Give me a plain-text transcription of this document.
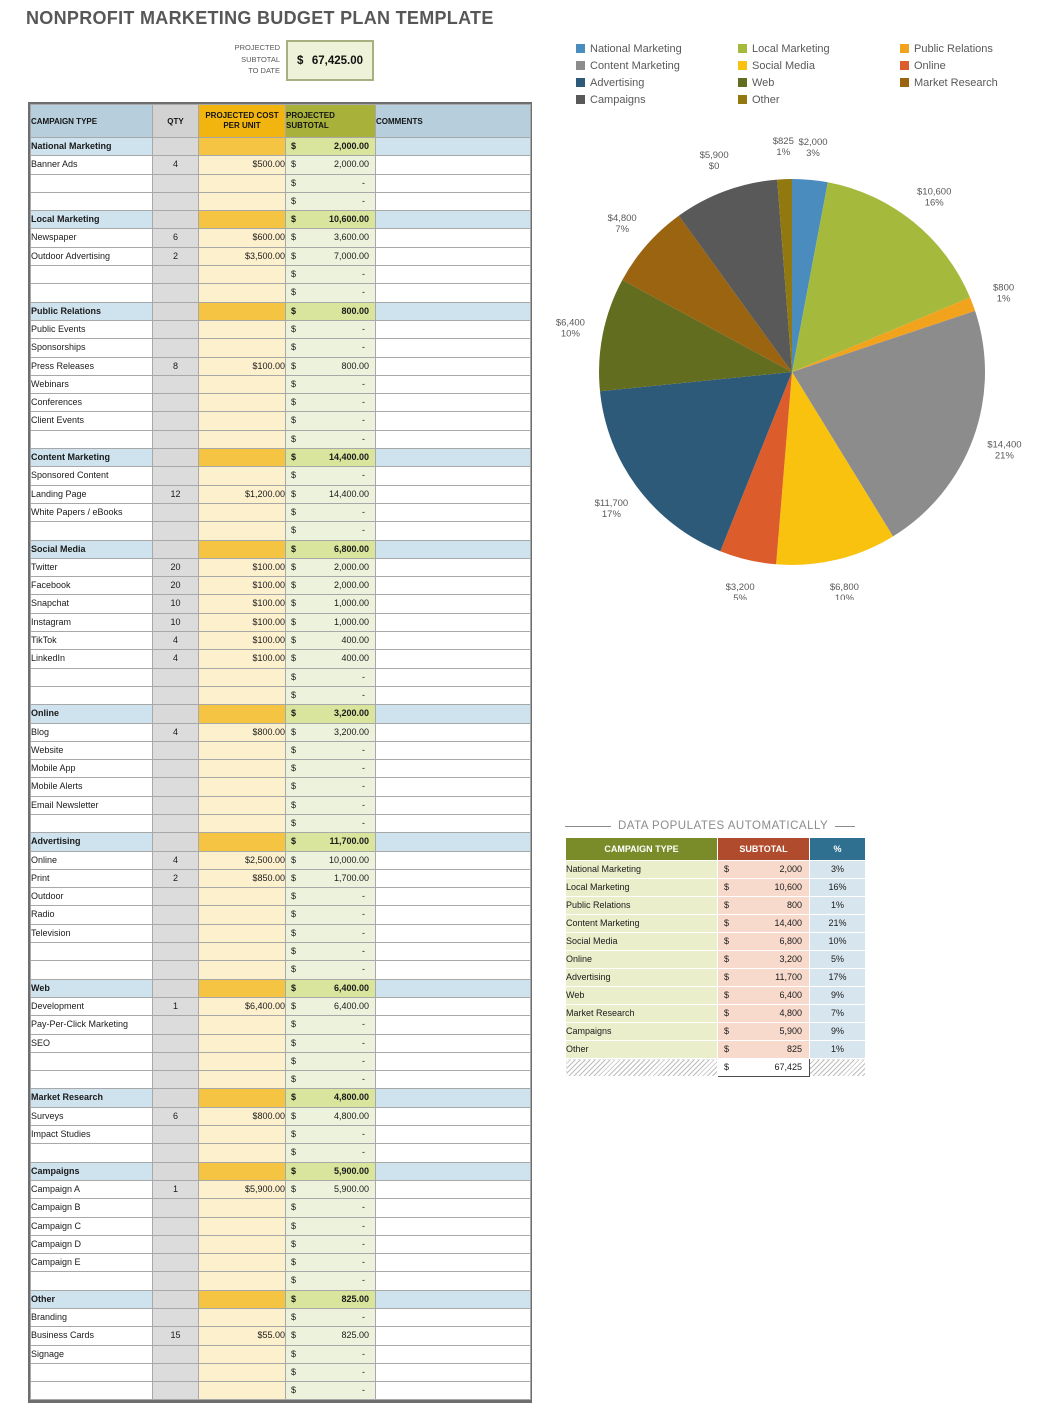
NONPROFIT MARKETING BUDGET PLAN TEMPLATE
PROJECTED
SUBTOTAL
TO DATE
$ 67,425.00
CAMPAIGN TYPE	QTY	PROJECTED COST PER UNIT	PROJECTED SUBTOTAL	COMMENTS
National Marketing			$ 2,000.00	

Banner Ads	4	$500.00	$ 2,000.00	

			$ -	

			$ -	

Local Marketing			$ 10,600.00	

Newspaper	6	$600.00	$ 3,600.00	

Outdoor Advertising	2	$3,500.00	$ 7,000.00	

			$ -	

			$ -	

Public Relations			$ 800.00	

Public Events			$ -	

Sponsorships			$ -	

Press Releases	8	$100.00	$ 800.00	

Webinars			$ -	

Conferences			$ -	

Client Events			$ -	

			$ -	

Content Marketing			$ 14,400.00	

Sponsored Content			$ -	

Landing Page	12	$1,200.00	$ 14,400.00	

White Papers / eBooks			$ -	

			$ -	

Social Media			$ 6,800.00	

Twitter	20	$100.00	$ 2,000.00	

Facebook	20	$100.00	$ 2,000.00	

Snapchat	10	$100.00	$ 1,000.00	

Instagram	10	$100.00	$ 1,000.00	

TikTok	4	$100.00	$ 400.00	

LinkedIn	4	$100.00	$ 400.00	

			$ -	

			$ -	

Online			$ 3,200.00	

Blog	4	$800.00	$ 3,200.00	

Website			$ -	

Mobile App			$ -	

Mobile Alerts			$ -	

Email Newsletter			$ -	

			$ -	

Advertising			$ 11,700.00	

Online	4	$2,500.00	$ 10,000.00	

Print	2	$850.00	$ 1,700.00	

Outdoor			$ -	

Radio			$ -	

Television			$ -	

			$ -	

			$ -	

Web			$ 6,400.00	

Development	1	$6,400.00	$ 6,400.00	

Pay-Per-Click Marketing			$ -	

SEO			$ -	

			$ -	

			$ -	

Market Research			$ 4,800.00	

Surveys	6	$800.00	$ 4,800.00	

Impact Studies			$ -	

			$ -	

Campaigns			$ 5,900.00	

Campaign A	1	$5,900.00	$ 5,900.00	

Campaign B			$ -	

Campaign C			$ -	

Campaign D			$ -	

Campaign E			$ -	

			$ -	

Other			$ 825.00	

Branding			$ -	

Business Cards	15	$55.00	$ 825.00	

Signage			$ -	

			$ -	

			$ -	

National Marketing
Content Marketing
Advertising
Campaigns
Local Marketing
Social Media
Web
Other
Public Relations
Online
Market Research
$2,000 3%
$10,600 16%
$800 1%
$14,400 21%
$6,800 10%
$3,200 5%
$11,700 17%
$6,400 10%
$4,800 7%
$5,900 $0
$825 1%
DATA POPULATES AUTOMATICALLY
CAMPAIGN TYPE	SUBTOTAL	%
National Marketing	$ 2,000	3%
Local Marketing	$ 10,600	16%
Public Relations	$ 800	1%
Content Marketing	$ 14,400	21%
Social Media	$ 6,800	10%
Online	$ 3,200	5%
Advertising	$ 11,700	17%
Web	$ 6,400	9%
Market Research	$ 4,800	7%
Campaigns	$ 5,900	9%
Other	$ 825	1%

	$ 67,425	
